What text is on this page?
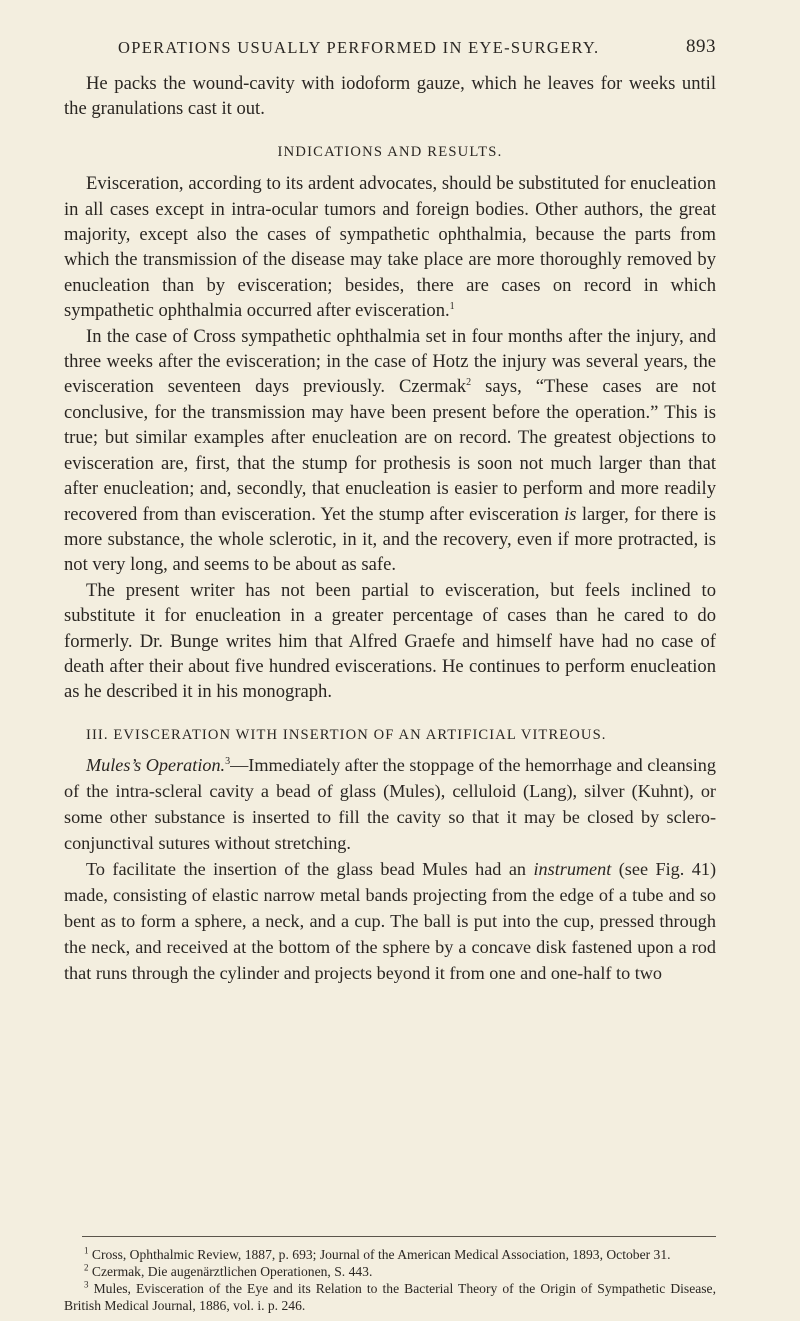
OPERATIONS USUALLY PERFORMED IN EYE-SURGERY.	893

He packs the wound-cavity with iodoform gauze, which he leaves for weeks until the granulations cast it out.

INDICATIONS AND RESULTS.

Evisceration, according to its ardent advocates, should be substituted for enucleation in all cases except in intra-ocular tumors and foreign bodies. Other authors, the great majority, except also the cases of sympathetic ophthalmia, because the parts from which the transmission of the disease may take place are more thoroughly removed by enucleation than by evisceration; besides, there are cases on record in which sympathetic ophthalmia occurred after evisceration.$^1$

In the case of Cross sympathetic ophthalmia set in four months after the injury, and three weeks after the evisceration; in the case of Hotz the injury was several years, the evisceration seventeen days previously. Czermak$^2$ says, “These cases are not conclusive, for the transmission may have been present before the operation.” This is true; but similar examples after enucleation are on record. The greatest objections to evisceration are, first, that the stump for prothesis is soon not much larger than that after enucleation; and, secondly, that enucleation is easier to perform and more readily recovered from than evisceration. Yet the stump after evisceration is larger, for there is more substance, the whole sclerotic, in it, and the recovery, even if more protracted, is not very long, and seems to be about as safe.

The present writer has not been partial to evisceration, but feels inclined to substitute it for enucleation in a greater percentage of cases than he cared to do formerly. Dr. Bunge writes him that Alfred Graefe and himself have had no case of death after their about five hundred eviscerations. He continues to perform enucleation as he described it in his monograph.

III. EVISCERATION WITH INSERTION OF AN ARTIFICIAL VITREOUS.

Mules’s Operation.$^3$—Immediately after the stoppage of the hemorrhage and cleansing of the intra-scleral cavity a bead of glass (Mules), celluloid (Lang), silver (Kuhnt), or some other substance is inserted to fill the cavity so that it may be closed by sclero-conjunctival sutures without stretching.

To facilitate the insertion of the glass bead Mules had an instrument (see Fig. 41) made, consisting of elastic narrow metal bands projecting from the edge of a tube and so bent as to form a sphere, a neck, and a cup. The ball is put into the cup, pressed through the neck, and received at the bottom of the sphere by a concave disk fastened upon a rod that runs through the cylinder and projects beyond it from one and one-half to two

$^1$ Cross, Ophthalmic Review, 1887, p. 693; Journal of the American Medical Association, 1893, October 31.

$^2$ Czermak, Die augenärztlichen Operationen, S. 443.

$^3$ Mules, Evisceration of the Eye and its Relation to the Bacterial Theory of the Origin of Sympathetic Disease, British Medical Journal, 1886, vol. i. p. 246.
